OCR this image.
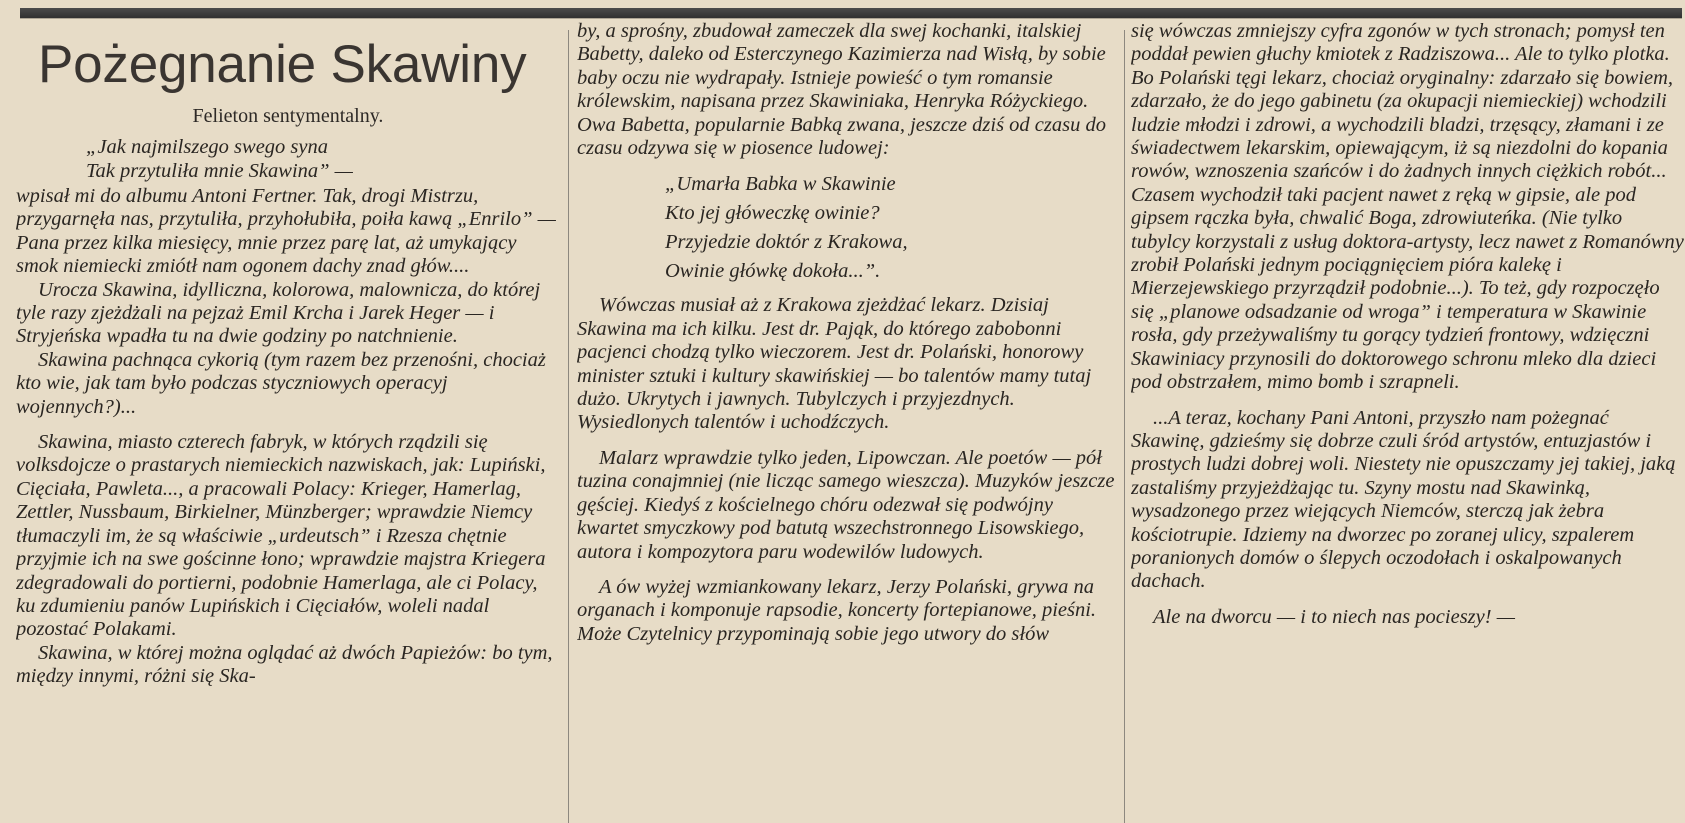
Pożegnanie Skawiny
Felieton sentymentalny.
„Jak najmilszego swego syna
Tak przytuliła mnie Skawina” —

wpisał mi do albumu Antoni Fertner. Tak, drogi Mistrzu, przygarnęła nas, przytuliła, przyhołubiła, poiła kawą „Enrilo” — Pana przez kilka miesięcy, mnie przez parę lat, aż umykający smok niemiecki zmiótł nam ogonem dachy znad głów....

Urocza Skawina, idylliczna, kolorowa, malownicza, do której tyle razy zjeżdżali na pejzaż Emil Krcha i Jarek Heger — i Stryjeńska wpadła tu na dwie godziny po natchnienie.

Skawina pachnąca cykorią (tym razem bez przenośni, chociaż kto wie, jak tam było podczas styczniowych operacyj wojennych?)...

Skawina, miasto czterech fabryk, w których rządzili się volksdojcze o prastarych niemieckich nazwiskach, jak: Lupiński, Cięciała, Pawleta..., a pracowali Polacy: Krieger, Hamerlag, Zettler, Nussbaum, Birkielner, Münzberger; wprawdzie Niemcy tłumaczyli im, że są właściwie „urdeutsch” i Rzesza chętnie przyjmie ich na swe gościnne łono; wprawdzie majstra Kriegera zdegradowali do portierni, podobnie Hamerlaga, ale ci Polacy, ku zdumieniu panów Lupińskich i Cięciałów, woleli nadal pozostać Polakami.

Skawina, w której można oglądać aż dwóch Papieżów: bo tym, między innymi, różni się Ska-

by, a sprośny, zbudował zameczek dla swej kochanki, italskiej Babetty, daleko od Esterczynego Kazimierza nad Wisłą, by sobie baby oczu nie wydrapały. Istnieje powieść o tym romansie królewskim, napisana przez Skawiniaka, Henryka Różyckiego. Owa Babetta, popularnie Babką zwana, jeszcze dziś od czasu do czasu odzywa się w piosence ludowej:

„Umarła Babka w Skawinie
Kto jej główeczkę owinie?
Przyjedzie doktór z Krakowa,
Owinie główkę dokoła...”.

Wówczas musiał aż z Krakowa zjeżdżać lekarz. Dzisiaj Skawina ma ich kilku. Jest dr. Pająk, do którego zabobonni pacjenci chodzą tylko wieczorem. Jest dr. Polański, honorowy minister sztuki i kultury skawińskiej — bo talentów mamy tutaj dużo. Ukrytych i jawnych. Tubylczych i przyjezdnych. Wysiedlonych talentów i uchodźczych.

Malarz wprawdzie tylko jeden, Lipowczan. Ale poetów — pół tuzina conajmniej (nie licząc samego wieszcza). Muzyków jeszcze gęściej. Kiedyś z kościelnego chóru odezwał się podwójny kwartet smyczkowy pod batutą wszechstronnego Lisowskiego, autora i kompozytora paru wodewilów ludowych.

A ów wyżej wzmiankowany lekarz, Jerzy Polański, grywa na organach i komponuje rapsodie, koncerty fortepianowe, pieśni. Może Czytelnicy przypominają sobie jego utwory do słów

się wówczas zmniejszy cyfra zgonów w tych stronach; pomysł ten poddał pewien głuchy kmiotek z Radziszowa... Ale to tylko plotka. Bo Polański tęgi lekarz, chociaż oryginalny: zdarzało się bowiem, zdarzało, że do jego gabinetu (za okupacji niemieckiej) wchodzili ludzie młodzi i zdrowi, a wychodzili bladzi, trzęsący, złamani i ze świadectwem lekarskim, opiewającym, iż są niezdolni do kopania rowów, wznoszenia szańców i do żadnych innych ciężkich robót... Czasem wychodził taki pacjent nawet z ręką w gipsie, ale pod gipsem rączka była, chwalić Boga, zdrowiuteńka. (Nie tylko tubylcy korzystali z usług doktora-artysty, lecz nawet z Romanówny zrobił Polański jednym pociągnięciem pióra kalekę i Mierzejewskiego przyrządził podobnie...). To też, gdy rozpoczęło się „planowe odsadzanie od wroga” i temperatura w Skawinie rosła, gdy przeżywaliśmy tu gorący tydzień frontowy, wdzięczni Skawiniacy przynosili do doktorowego schronu mleko dla dzieci pod obstrzałem, mimo bomb i szrapneli.

...A teraz, kochany Pani Antoni, przyszło nam pożegnać Skawinę, gdzieśmy się dobrze czuli śród artystów, entuzjastów i prostych ludzi dobrej woli. Niestety nie opuszczamy jej takiej, jaką zastaliśmy przyjeżdżając tu. Szyny mostu nad Skawinką, wysadzonego przez wiejących Niemców, sterczą jak żebra kościotrupie. Idziemy na dworzec po zoranej ulicy, szpalerem poranionych domów o ślepych oczodołach i oskalpowanych dachach.

Ale na dworcu — i to niech nas pocieszy! —
